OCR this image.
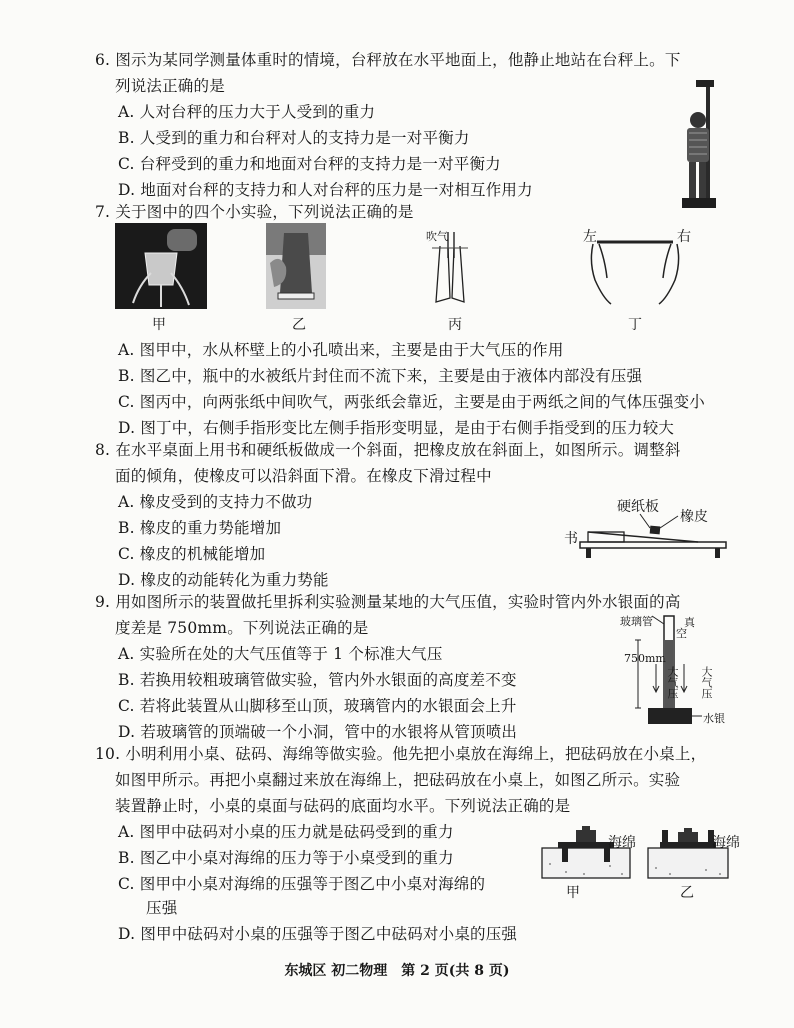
6. 图示为某同学测量体重时的情境，台秤放在水平地面上，他静止地站在台秤上。下
列说法正确的是
A. 人对台秤的压力大于人受到的重力
B. 人受到的重力和台秤对人的支持力是一对平衡力
C. 台秤受到的重力和地面对台秤的支持力是一对平衡力
D. 地面对台秤的支持力和人对台秤的压力是一对相互作用力
7. 关于图中的四个小实验，下列说法正确的是
甲	乙
吹气
丙
左	右
丁
A. 图甲中，水从杯壁上的小孔喷出来，主要是由于大气压的作用
B. 图乙中，瓶中的水被纸片封住而不流下来，主要是由于液体内部没有压强
C. 图丙中，向两张纸中间吹气，两张纸会靠近，主要是由于两纸之间的气体压强变小
D. 图丁中，右侧手指形变比左侧手指形变明显，是由于右侧手指受到的压力较大
8. 在水平桌面上用书和硬纸板做成一个斜面，把橡皮放在斜面上，如图所示。调整斜
面的倾角，使橡皮可以沿斜面下滑。在橡皮下滑过程中
A. 橡皮受到的支持力不做功
B. 橡皮的重力势能增加
C. 橡皮的机械能增加
D. 橡皮的动能转化为重力势能
硬纸板
橡皮
书
9. 用如图所示的装置做托里拆利实验测量某地的大气压值，实验时管内外水银面的高
度差是 750mm。下列说法正确的是
A. 实验所在处的大气压值等于 1 个标准大气压
B. 若换用较粗玻璃管做实验，管内外水银面的高度差不变
C. 若将此装置从山脚移至山顶，玻璃管内的水银面会上升
D. 若玻璃管的顶端破一个小洞，管中的水银将从管顶喷出
玻璃管	真
空
750mm
大气压 大气压
水银
10. 小明利用小桌、砝码、海绵等做实验。他先把小桌放在海绵上，把砝码放在小桌上，
如图甲所示。再把小桌翻过来放在海绵上，把砝码放在小桌上，如图乙所示。实验
装置静止时，小桌的桌面与砝码的底面均水平。下列说法正确的是
A. 图甲中砝码对小桌的压力就是砝码受到的重力
B. 图乙中小桌对海绵的压力等于小桌受到的重力
C. 图甲中小桌对海绵的压强等于图乙中小桌对海绵的
压强
D. 图甲中砝码对小桌的压强等于图乙中砝码对小桌的压强
海绵
甲
海绵
乙
东城区 初二物理　第 2 页(共 8 页)
